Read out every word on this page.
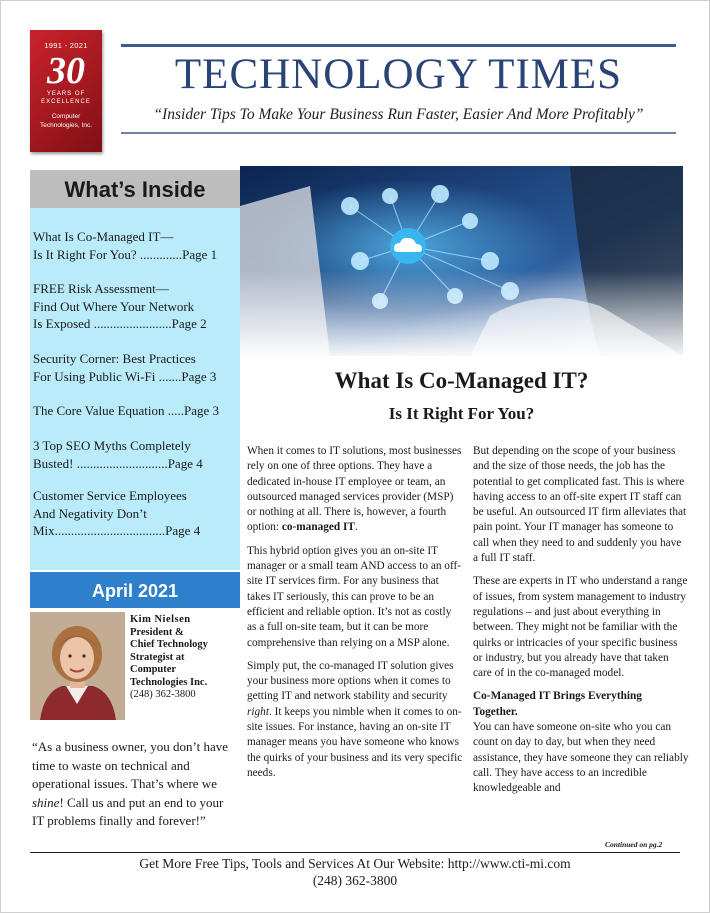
1991 - 2021
30
YEARS OF
EXCELLENCE
Computer
Technologies, Inc.
TECHNOLOGY TIMES
“Insider Tips To Make Your Business Run Faster, Easier And More Profitably”
What’s Inside
What Is Co-Managed IT—
Is It Right For You? .............Page 1
FREE Risk Assessment—
Find Out Where Your Network
Is Exposed ........................Page 2
Security Corner: Best Practices
For Using Public Wi-Fi .......Page 3
The Core Value Equation .....Page 3
3 Top SEO Myths Completely
Busted! ............................Page 4
Customer Service Employees
And Negativity Don’t
Mix..................................Page 4
April 2021
Kim Nielsen
President &
Chief Technology
Strategist at
Computer
Technologies Inc.
(248) 362-3800
“As a business owner, you don’t have time to waste on technical and operational issues. That’s where we shine! Call us and put an end to your IT problems finally and forever!”
What Is Co-Managed IT?
Is It Right For You?

When it comes to IT solutions, most businesses rely on one of three options. They have a dedicated in-house IT employee or team, an outsourced managed services provider (MSP) or nothing at all. There is, however, a fourth option: co-managed IT.

This hybrid option gives you an on-site IT manager or a small team AND access to an off-site IT services firm. For any business that takes IT seriously, this can prove to be an efficient and reliable option. It’s not as costly as a full on-site team, but it can be more comprehensive than relying on a MSP alone.

Simply put, the co-managed IT solution gives your business more options when it comes to getting IT and network stability and security right. It keeps you nimble when it comes to on-site issues. For instance, having an on-site IT manager means you have someone who knows the quirks of your business and its very specific needs.

But depending on the scope of your business and the size of those needs, the job has the potential to get complicated fast. This is where having access to an off-site expert IT staff can be useful. An outsourced IT firm alleviates that pain point. Your IT manager has someone to call when they need to and suddenly you have a full IT staff.

These are experts in IT who understand a range of issues, from system management to industry regulations – and just about everything in between. They might not be familiar with the quirks or intricacies of your specific business or industry, but you already have that taken care of in the co-managed model.

Co-Managed IT Brings Everything Together.
You can have someone on-site who you can count on day to day, but when they need assistance, they have someone they can reliably call. They have access to an incredible knowledgeable and
Continued on pg.2
Get More Free Tips, Tools and Services At Our Website: http://www.cti-mi.com
(248) 362-3800
